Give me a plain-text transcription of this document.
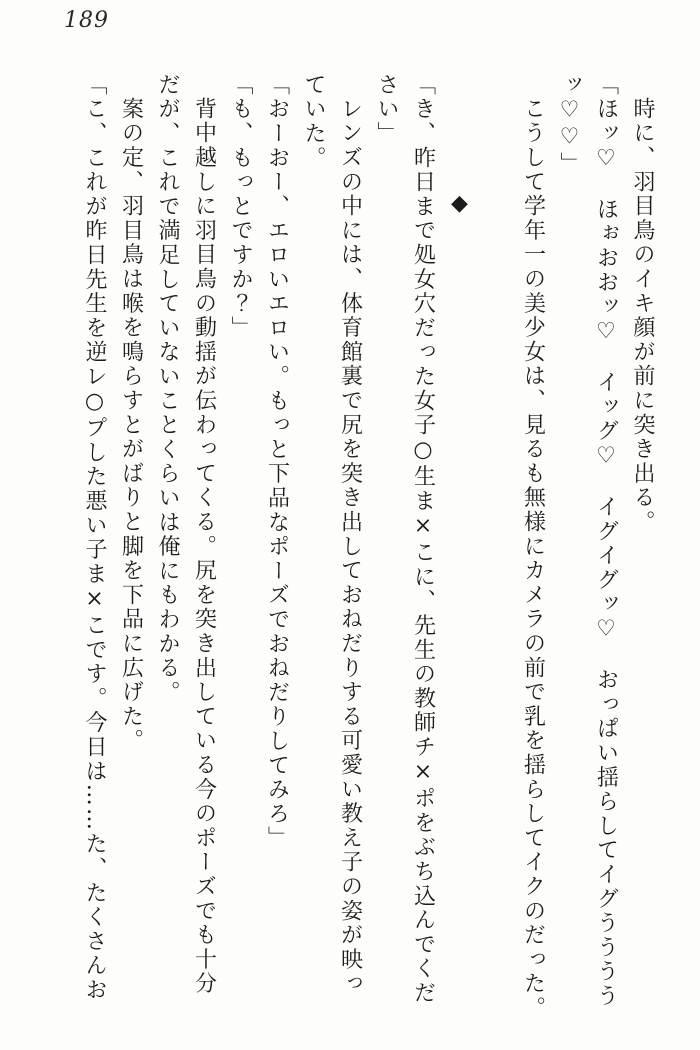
189
時に、羽目鳥のイキ顔が前に突き出る。
「ほッ♡　ほぉおおッ♡　イッグ♡　イグイグッ♡　おっぱい揺らしてイグうううう
ッ♡♡」
こうして学年一の美少女は、見るも無様にカメラの前で乳を揺らしてイクのだった。
◆
「き、昨日まで処女穴だった女子○生ま×こに、先生の教師チ×ポをぶち込んでくだ
さい」
レンズの中には、体育館裏で尻を突き出しておねだりする可愛い教え子の姿が映っ
ていた。
「おーおー、エロいエロい。もっと下品なポーズでおねだりしてみろ」
「も、もっとですか？」
背中越しに羽目鳥の動揺が伝わってくる。尻を突き出している今のポーズでも十分
だが、これで満足していないことくらいは俺にもわかる。
案の定、羽目鳥は喉を鳴らすとがばりと脚を下品に広げた。
「こ、これが昨日先生を逆レ○プした悪い子ま×こです。今日は……た、たくさんお
